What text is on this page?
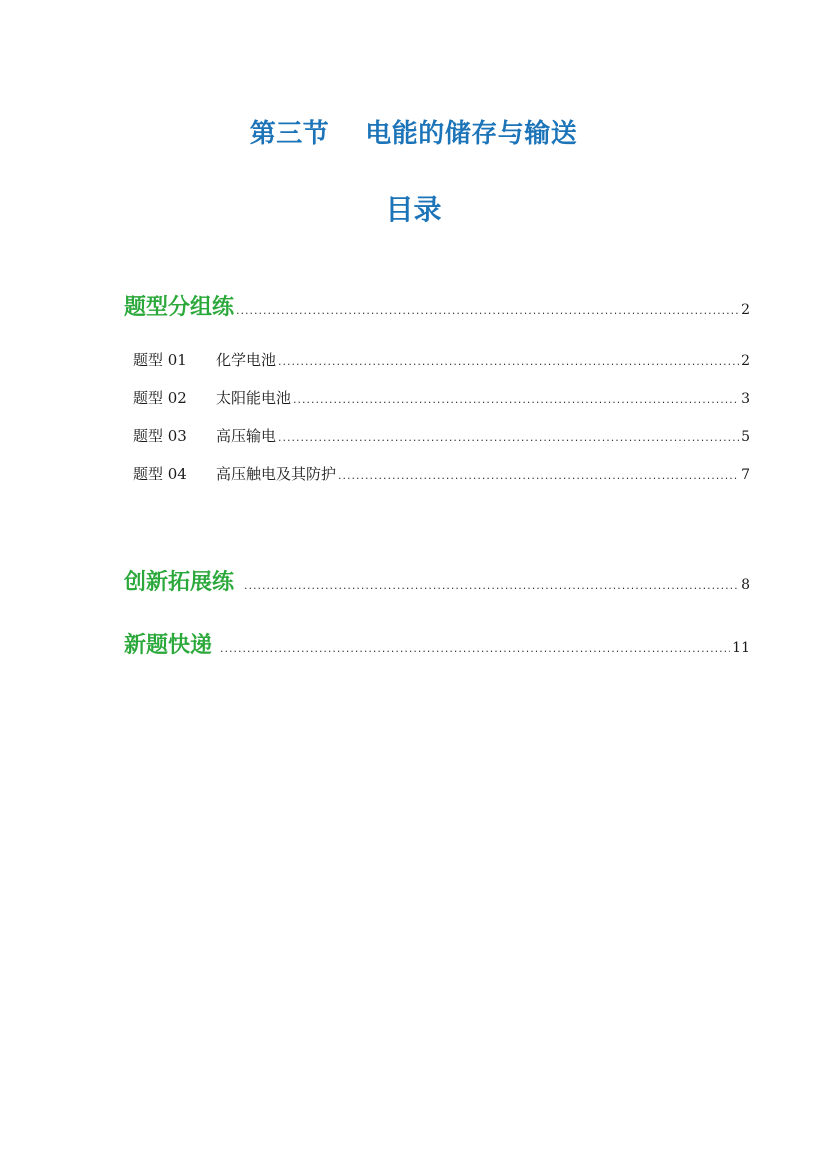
第三节　 电能的储存与输送
目录
题型分组练 .....	2
题型 01	化学电池 .....	2
题型 02	太阳能电池 .....	3
题型 03	高压输电 .....	5
题型 04	高压触电及其防护 .....	7
创新拓展练 .....	8
新题快递 .....	11
